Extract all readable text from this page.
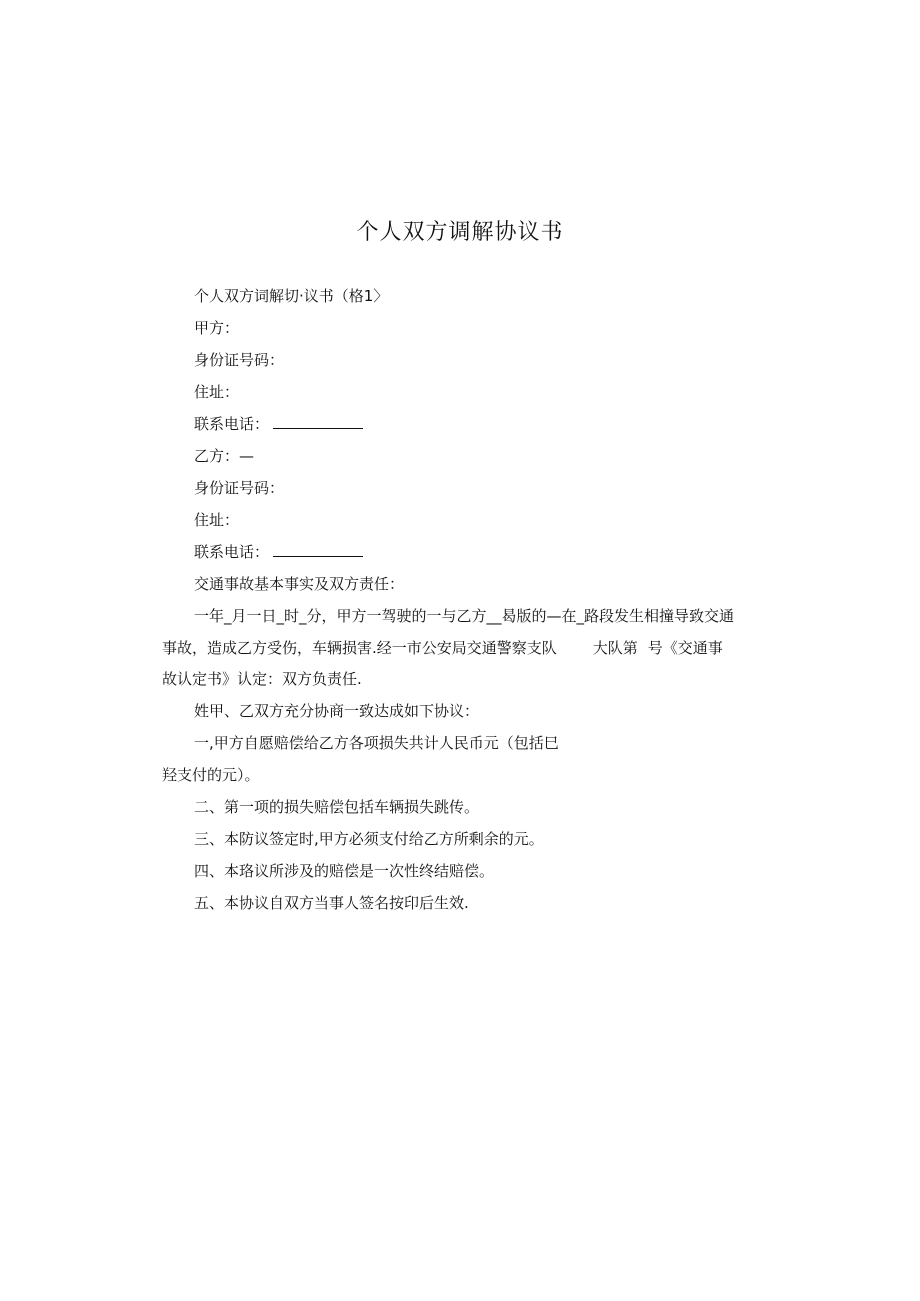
个人双方调解协议书
个人双方词解切·议书（格1〉
甲方：
身份证号码：
住址：
联系电话：
乙方：—
身份证号码：
住址：
联系电话：
交通事故基本事实及双方责任：
一年_月一日_时_分，甲方一驾驶的一与乙方__曷版的—在_路段发生相撞导致交通
事故，造成乙方受伤，车辆损害.经一市公安局交通警察支队 大队第 号《交通事
故认定书》认定：双方负责任.
姓甲、乙双方充分协商一致达成如下协议：
一,甲方自愿赔偿给乙方各项损失共计人民币元（包括巳
羟支付的元）。
二、第一项的损失赔偿包括车辆损失跳传。
三、本防议签定时,甲方必须支付给乙方所剩余的元。
四、本珞议所涉及的赔偿是一次性终结赔偿。
五、本协议自双方当事人签名按印后生效.
